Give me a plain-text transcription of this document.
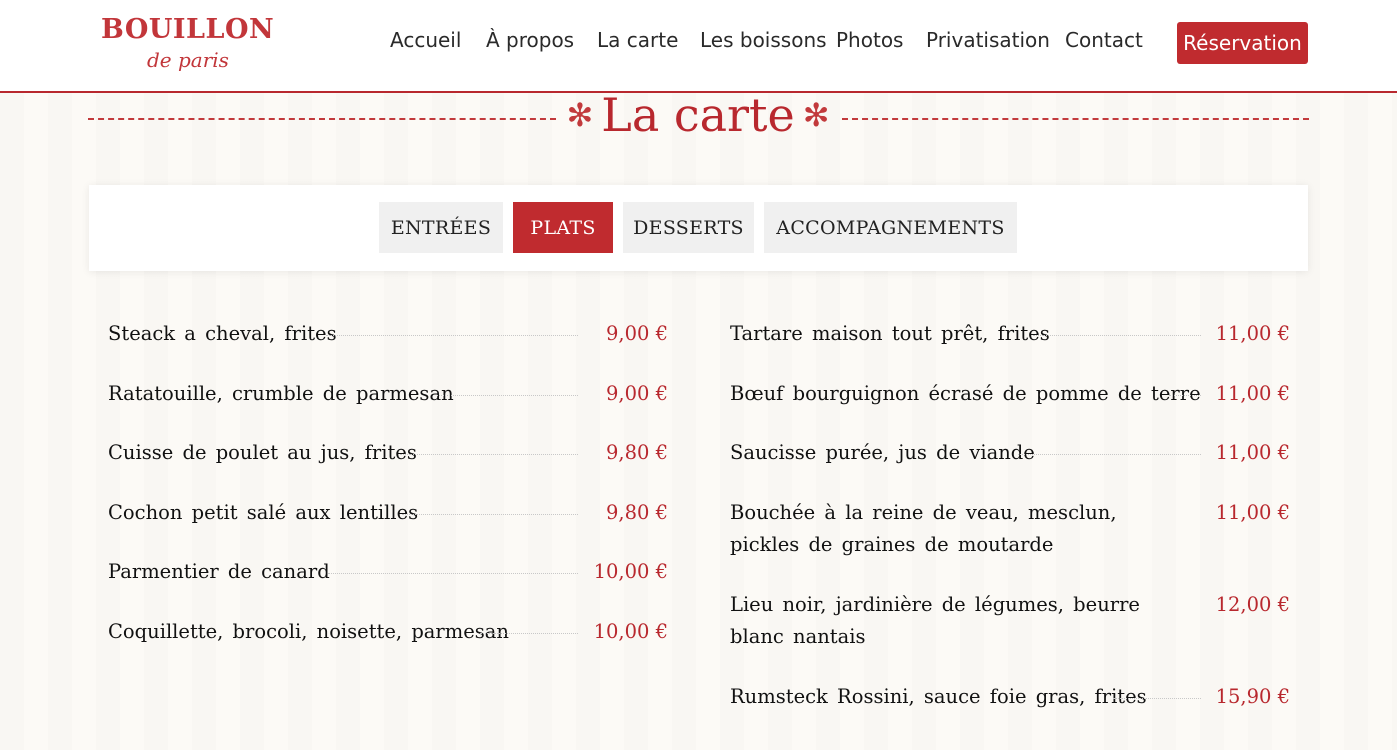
BOUILLON
de paris
Accueil À propos La carte Les boissons Photos Privatisation Contact	Réservation
✻ La carte ✻
ENTRÉES	PLATS	DESSERTS	ACCOMPAGNEMENTS
Steack a cheval, frites	9,00 €
Ratatouille, crumble de parmesan	9,00 €
Cuisse de poulet au jus, frites	9,80 €
Cochon petit salé aux lentilles	9,80 €
Parmentier de canard	10,00 €
Coquillette, brocoli, noisette, parmesan	10,00 €
Tartare maison tout prêt, frites	11,00 €
Bœuf bourguignon écrasé de pomme de terre 11,00 €
Saucisse purée, jus de viande	11,00 €
Bouchée à la reine de veau, mesclun, pickles de graines de moutarde
11,00 €
Lieu noir, jardinière de légumes, beurre blanc nantais
12,00 €
Rumsteck Rossini, sauce foie gras, frites	15,90 €
